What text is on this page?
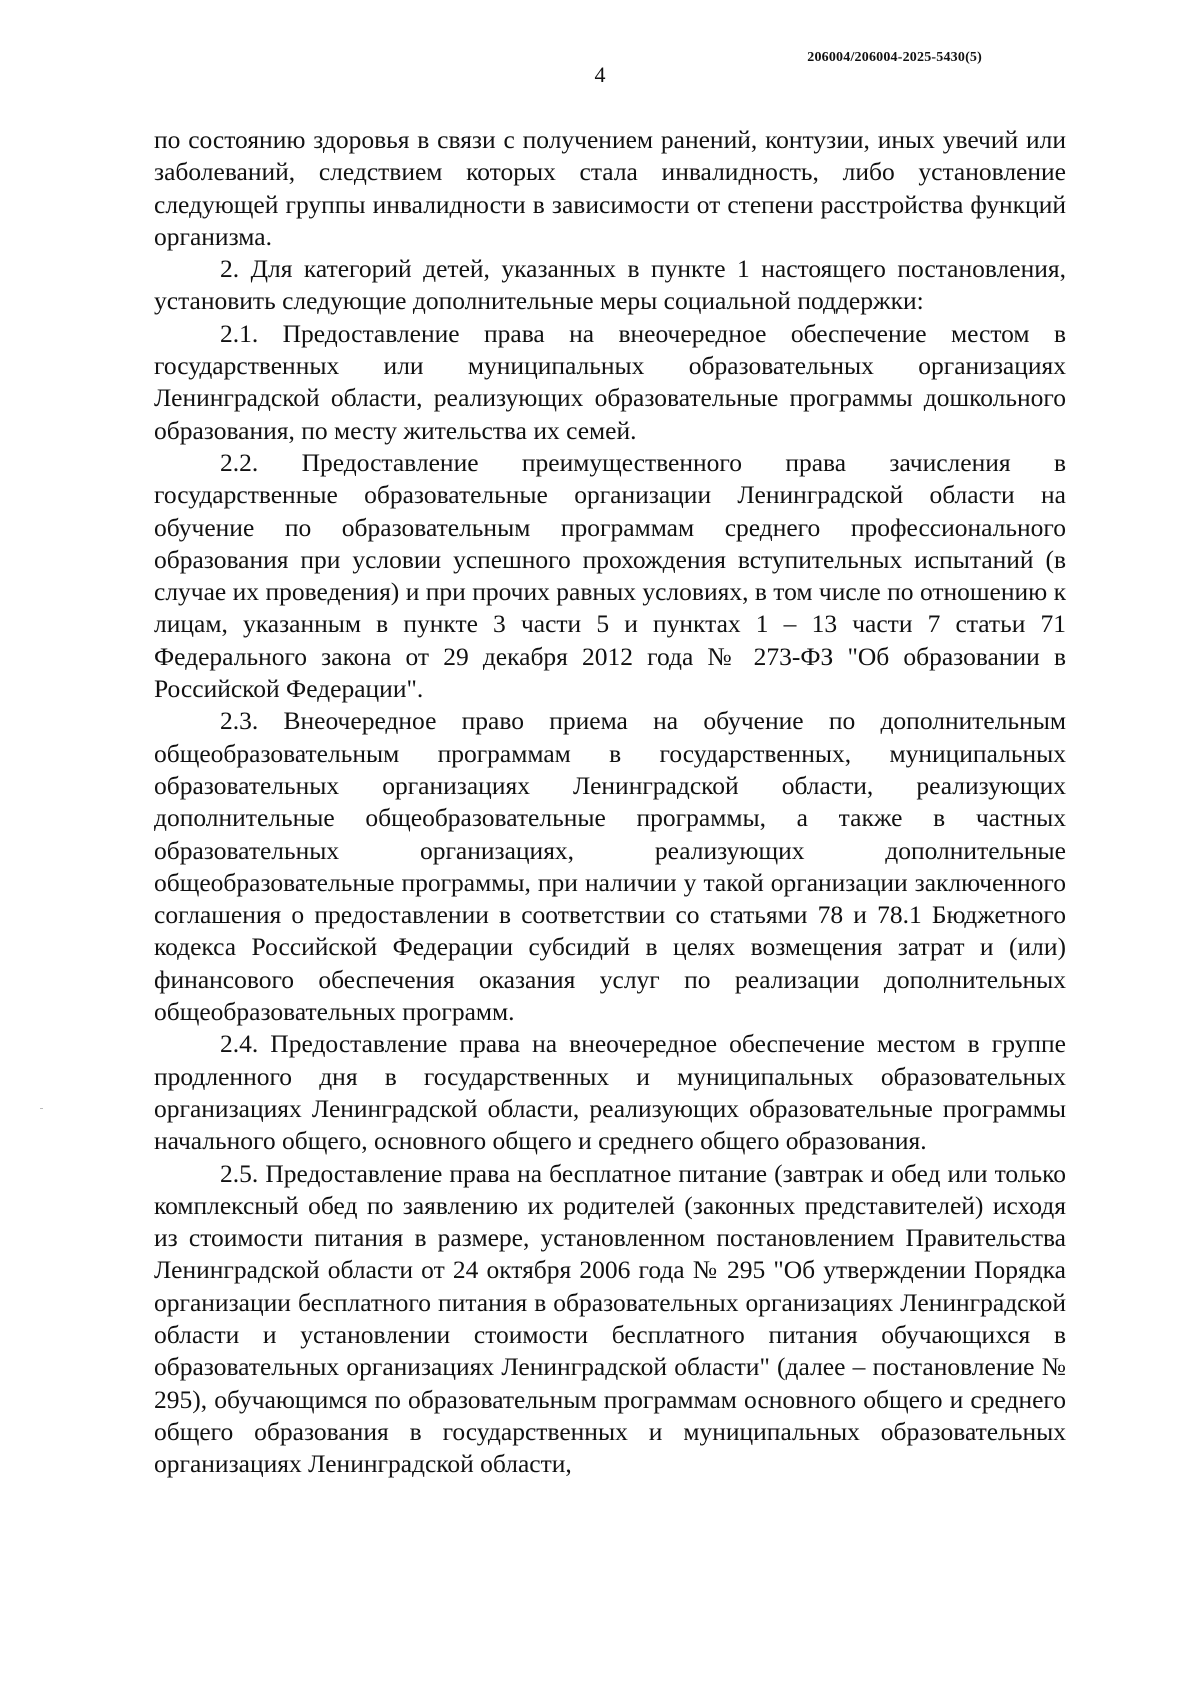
206004/206004-2025-5430(5)
4

по состоянию здоровья в связи с получением ранений, контузии, иных увечий или заболеваний, следствием которых стала инвалидность, либо установление следующей группы инвалидности в зависимости от степени расстройства функций организма.

2. Для категорий детей, указанных в пункте 1 настоящего постановления, установить следующие дополнительные меры социальной поддержки:

2.1. Предоставление права на внеочередное обеспечение местом в государственных или муниципальных образовательных организациях Ленинградской области, реализующих образовательные программы дошкольного образования, по месту жительства их семей.

2.2. Предоставление преимущественного права зачисления в государственные образовательные организации Ленинградской области на обучение по образовательным программам среднего профессионального образования при условии успешного прохождения вступительных испытаний (в случае их проведения) и при прочих равных условиях, в том числе по отношению к лицам, указанным в пункте 3 части 5 и пунктах 1 – 13 части 7 статьи 71 Федерального закона от 29 декабря 2012 года № 273-ФЗ "Об образовании в Российской Федерации".

2.3. Внеочередное право приема на обучение по дополнительным общеобразовательным программам в государственных, муниципальных образовательных организациях Ленинградской области, реализующих дополнительные общеобразовательные программы, а также в частных образовательных организациях, реализующих дополнительные общеобразовательные программы, при наличии у такой организации заключенного соглашения о предоставлении в соответствии со статьями 78 и 78.1 Бюджетного кодекса Российской Федерации субсидий в целях возмещения затрат и (или) финансового обеспечения оказания услуг по реализации дополнительных общеобразовательных программ.

2.4. Предоставление права на внеочередное обеспечение местом в группе продленного дня в государственных и муниципальных образовательных организациях Ленинградской области, реализующих образовательные программы начального общего, основного общего и среднего общего образования.

2.5. Предоставление права на бесплатное питание (завтрак и обед или только комплексный обед по заявлению их родителей (законных представителей) исходя из стоимости питания в размере, установленном постановлением Правительства Ленинградской области от 24 октября 2006 года № 295 "Об утверждении Порядка организации бесплатного питания в образовательных организациях Ленинградской области и установлении стоимости бесплатного питания обучающихся в образовательных организациях Ленинградской области" (далее – постановление № 295), обучающимся по образовательным программам основного общего и среднего общего образования в государственных и муниципальных образовательных организациях Ленинградской области,
